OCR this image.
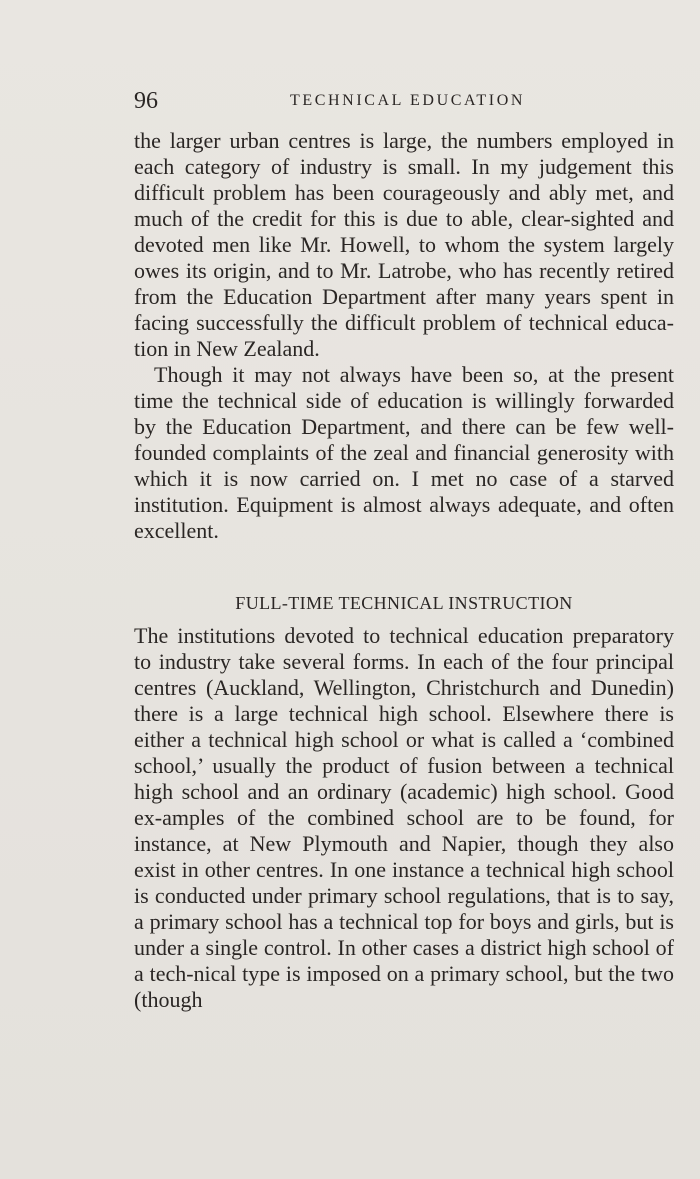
96	TECHNICAL EDUCATION

the larger urban centres is large, the numbers employed in each category of industry is small. In my judgement this difficult problem has been courageously and ably met, and much of the credit for this is due to able, clear-sighted and devoted men like Mr. Howell, to whom the system largely owes its origin, and to Mr. Latrobe, who has recently retired from the Education Department after many years spent in facing successfully the difficult problem of technical educa-tion in New Zealand.

Though it may not always have been so, at the present time the technical side of education is willingly forwarded by the Education Department, and there can be few well-founded complaints of the zeal and financial generosity with which it is now carried on. I met no case of a starved institution. Equipment is almost always adequate, and often excellent.

FULL-TIME TECHNICAL INSTRUCTION

The institutions devoted to technical education preparatory to industry take several forms. In each of the four principal centres (Auckland, Wellington, Christchurch and Dunedin) there is a large technical high school. Elsewhere there is either a technical high school or what is called a ‘combined school,’ usually the product of fusion between a technical high school and an ordinary (academic) high school. Good ex-amples of the combined school are to be found, for instance, at New Plymouth and Napier, though they also exist in other centres. In one instance a technical high school is conducted under primary school regulations, that is to say, a primary school has a technical top for boys and girls, but is under a single control. In other cases a district high school of a tech-nical type is imposed on a primary school, but the two (though
